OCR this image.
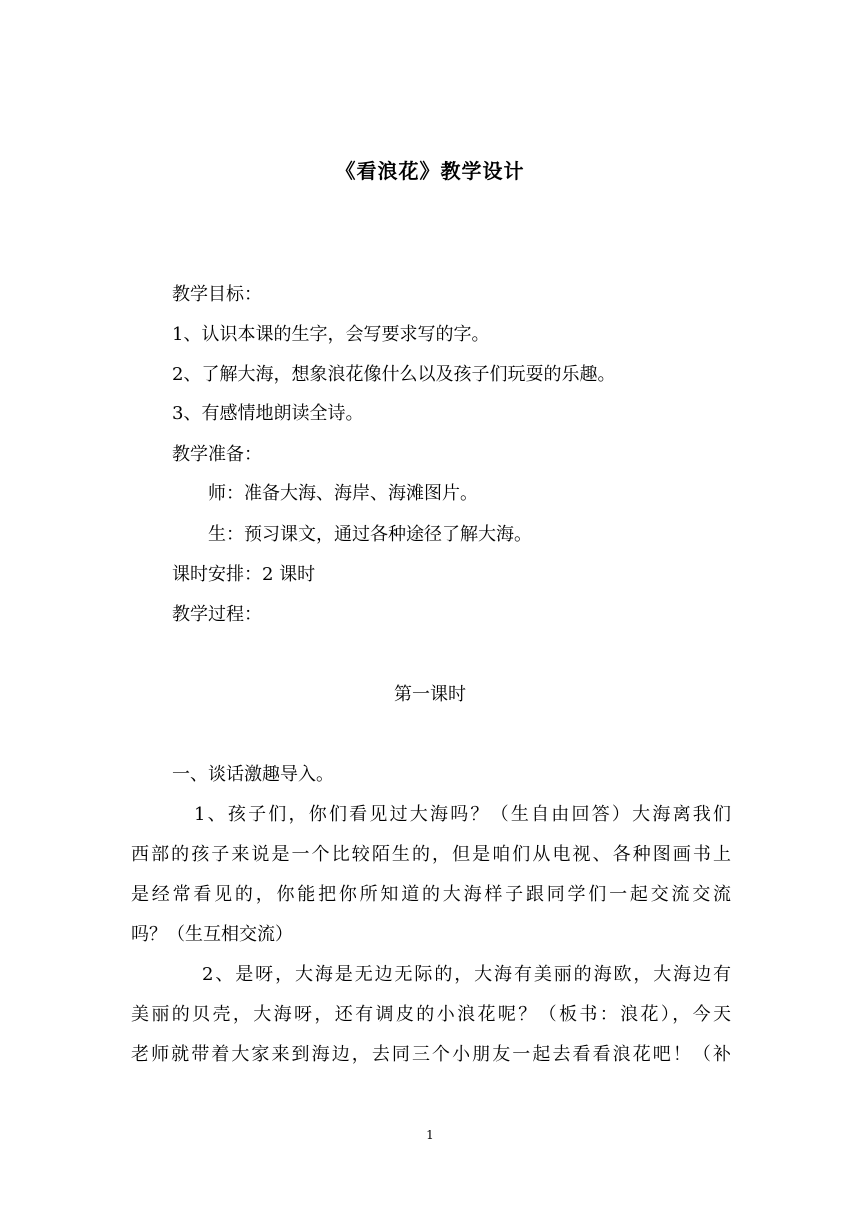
《看浪花》教学设计
教学目标：
1、认识本课的生字，会写要求写的字。
2、了解大海，想象浪花像什么以及孩子们玩耍的乐趣。
3、有感情地朗读全诗。
教学准备：
师：准备大海、海岸、海滩图片。
生：预习课文，通过各种途径了解大海。
课时安排：2 课时
教学过程：
第一课时
一、谈话激趣导入。
1、孩子们，你们看见过大海吗？（生自由回答）大海离我们
西部的孩子来说是一个比较陌生的，但是咱们从电视、各种图画书上
是经常看见的，你能把你所知道的大海样子跟同学们一起交流交流
吗？（生互相交流）
2、是呀，大海是无边无际的，大海有美丽的海欧，大海边有
美丽的贝壳，大海呀，还有调皮的小浪花呢？（板书：浪花），今天
老师就带着大家来到海边，去同三个小朋友一起去看看浪花吧！（补
1
